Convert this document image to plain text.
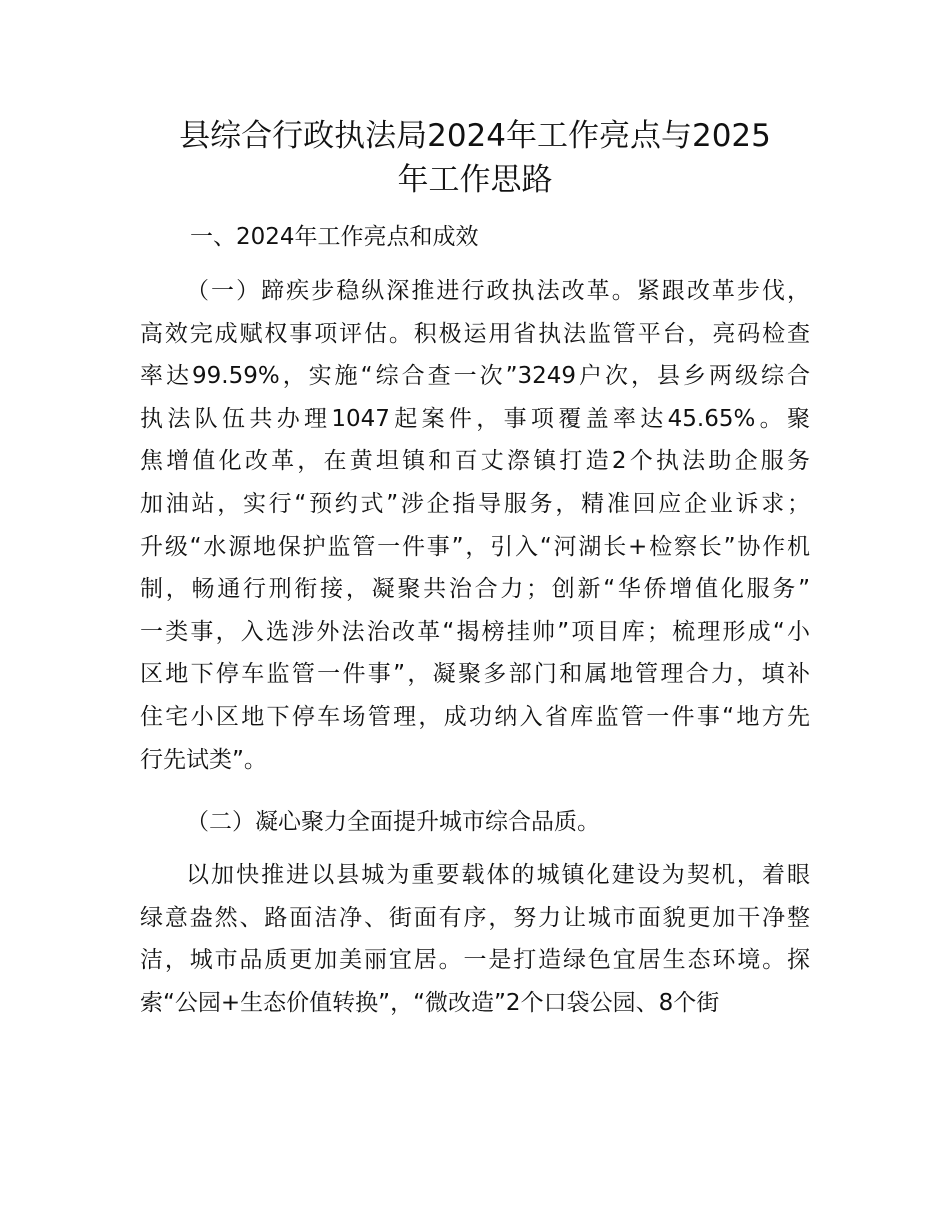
县综合行政执法局2024年工作亮点与2025
年工作思路
一、2024年工作亮点和成效
（一）蹄疾步稳纵深推进行政执法改革。紧跟改革步伐，
高效完成赋权事项评估。积极运用省执法监管平台，亮码检查
率达99.59%，实施“综合查一次”3249户次，县乡两级综合
执法队伍共办理1047起案件，事项覆盖率达45.65%。聚
焦增值化改革，在黄坦镇和百丈漈镇打造2个执法助企服务
加油站，实行“预约式”涉企指导服务，精准回应企业诉求；
升级“水源地保护监管一件事”，引入“河湖长+检察长”协作机
制，畅通行刑衔接，凝聚共治合力；创新“华侨增值化服务”
一类事，入选涉外法治改革“揭榜挂帅”项目库；梳理形成“小
区地下停车监管一件事”，凝聚多部门和属地管理合力，填补
住宅小区地下停车场管理，成功纳入省库监管一件事“地方先
行先试类”。
（二）凝心聚力全面提升城市综合品质。
以加快推进以县城为重要载体的城镇化建设为契机，着眼
绿意盎然、路面洁净、街面有序，努力让城市面貌更加干净整
洁，城市品质更加美丽宜居。一是打造绿色宜居生态环境。探
索“公园+生态价值转换”，“微改造”2个口袋公园、8个街
